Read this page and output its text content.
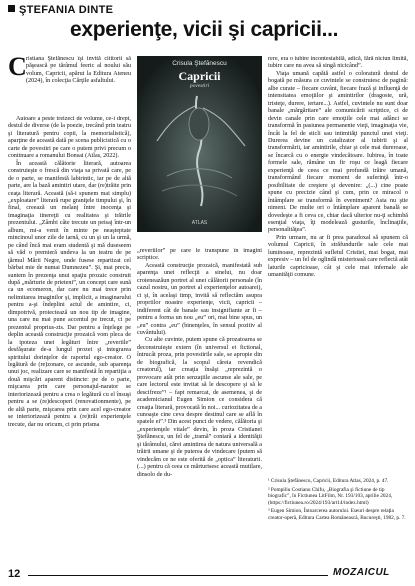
ŞTEFANIA DINTE
experienţe, vicii şi capricii...
C ristiana Ştefănescu îşi invită cititorii să păşească pe tărâmul feeric al noului său volum, Capricii, apărut la Editura Ateneu (2024), în colecţia Cărţile asfaltului.

Autoare a peste treizeci de volume, ce-i drept, destul de diverse (de la poezie, trecând prin teatru şi literatură pentru copii, la memorialistică), aparţine de această dată pe scena publicistică cu o carte de povestiri pe care o putem privi precum o continuare a romanului Bonsai (Atlas, 2022).

În această călătorie literară, autoarea construieşte o frescă din viaţa sa privată care, pe de o parte, se manifestă labirintic, iar pe de altă parte, are la bază amintiri utare, dar (re)trăite prin ceaţa literară. Această (să-i spunem mai simplu) „exploatare” literară rupe graniţele timpului şi, în final, creează un melanj între inocenţa şi imaginaţia tinereţii cu realitatea şi trăirile prezentului. „Zâmbi câte trecute un peisaj într-un album, mi-a venit în minte pe neaşteptate mincinoul unor zile de iarnă, cu un şi un la urmă, pe când încă mai eram studentă şi mă duseseem să văd o premieră undeva la un teatru de pe ţărmul Mării Negre, unde fusese repartizat cel bărbat mie de numai Dumnezeu”. Şi, mai precis, suntem în prezenţa unui spaţiu prozaic construit după „mărturie de prieteni”, un concept care sună ca un ecomeron, dar care nu mai trece prin nelimitarea imaginilor şi, implicit, a imaginarului pentru a-şi îndeplini actul de amintire, ci, dimpotrivă, proiectează un nou tip de imagine, una care nu mai pune accentul pe trecut, ci pe prezentul proprius-zis. Dar pentru a înţelege pe deplin această construcţie prozaică vom pleca de la ipoteza unei legături între „reveriile” desfăşurate de-a lungul prozei şi integrarea spiritului dorinţelor de raportul ego-creator. O legătură de (re)zonare, ce ascunde, sub aparenţa unui joc, realizare care se manifestă în repartiţia a două mişcări aparent distincte: pe de o parte, mişcarea prin care personajul-narator se interiorizează pentru a crea o legătură cu el însuşi pentru a se (re)descoperi (renovationmente), pe de altă parte, mişcarea prin care acel ego-creator se interiorizează pentru a (re)trăi experienţele trecute, dar nu oricum, ci prin prisma

Crisula Ştefănescu
Capricii
povestiri
ATLAS

„reveriilor” pe care le transpune în imagini scriptice.

Această construcţie prozaică, manifestată sub aparenţa unei reflecţii a sinelui, nu doar croieneazăun portret al unei călătorii personale (în cazul nostru, un portret al experienţelor autoarei), ci şi, în acelaşi timp, invită să reflectăm asupra propriilor noastre experienţe, vicii, capricii – indiferent cât de banale sau insignifiante ar fi – pentru a forma un nou „eu” ori, mai bine spus, un „eu” contra „eu” (binenţeles, în sensul pozitiv al cuvântului).

Cu alte cuvinte, putem spune că prozatoarea se deconstruieşte extern (în universul ei fictional, întrucât proza, prin povestirile sale, se apropie din de biografică, la scopul căreia revendică creatorul), iar creaţia însăşi „reprezintă o provocare atât prin senzaţiile ascunse ale sale, pe care lectorul este invitat să le descopere şi să le descifreze”¹ – fapt remarcat, de asemenea, şi de academicianul Eugen Simion ce considera că creaţia literară, provocată în noi... curiozitatea de a cunoaşte cine ceva despre destinul care se află în spatele ei”.³ Din acest punct de vedere, călătoria şi „experienţele vitale” devin, în proza Cristianei Ştefănescu, un fel de „tramă” contară a identităţii şi tărâmului, cărei amintirea de natura universală a trăirii umane şi de puterea de vindecare (putem să vindecăm ce ne este oferită de „optica” literaturii. (...) pentru că ceea ce mărturisesc această mutilare, dinsolo de du-

rere, era o iubire incontestabilă, adică, fără niciun limită, iubire care nu avea să singă nicicând”.

Viaţa umană capătă astfel o coloratură destul de bogată pe măsura ce cuvintele se construiesc de pagină: albe curate – fiecare cuvânt, fiecare frază şi influenţă de intensitatea emoţiilor şi amintirilor (dragoste, ură, tristeţe, durere, iertare...). Astfel, cuvintele nu sunt doar banale „mărgăritare” ale comunicării scriptice, ci de devin canale prin care emoţiile cele mai adânci se transformă în pasiunea permanente vieţi, imaginaţia vie, încât la fel de sticli sau intimităţi punctul unei vieţi. Durerea devine un catalizator al iubirii şi al transformării, iar amintirile, chiar şi cele mai dureroase, se încarcă cu o energie vindecătoare. Iubirea, în toate formele sale, rămâne un fir roşu ce leagă fiecare experienţă de ceea ce mai profundă trăire umană, transformând fiecare moment de suferinţă într-o posibilitate de creştere şi devenire: „(...) cine poate spune cu precizie când şi cum, prin ce miracol o întâmplare se transformă în eveniment? Asta nu ştie nimeni. De multe ori o întâmplare aparent banală se dovedeşte a fi ceva ce, chiar dacă ulterior nu-ţi schimbă esenţial viaţa, îţi modelează gusturile, înclinaţiile, personalităţea”.

Prin urmare, nu ar fi prea paradoxal să spunem că volumul Capricii, în străfundurile sale cele mai luminoase, reprezintă sufletul Cristiei, mai bogat, mai expresiv – un fel de oglindă misterioasă care reflectă atât laturile capricioase, cât şi cele mai infernale ale umanităţii comune.

¹ Crisula Ştefănescu, Capricii, Editura Atlas, 2024, p. 47.

² Pompiliu Costianu Chifu, „Biografia şi fictiune de tip biografic”, în Fictiunea LitFilm, Nr. 193/103, aprilie 2024, (https://fictiunea.ro/2024/193/art14/index.html)

³ Eugen Simion, Întoarcerea autorului. Eseuri despre relaţia creator-operă, Editura Cartea Românească, Bucureşti, 1982, p. 7.

12	MOZAICUL
